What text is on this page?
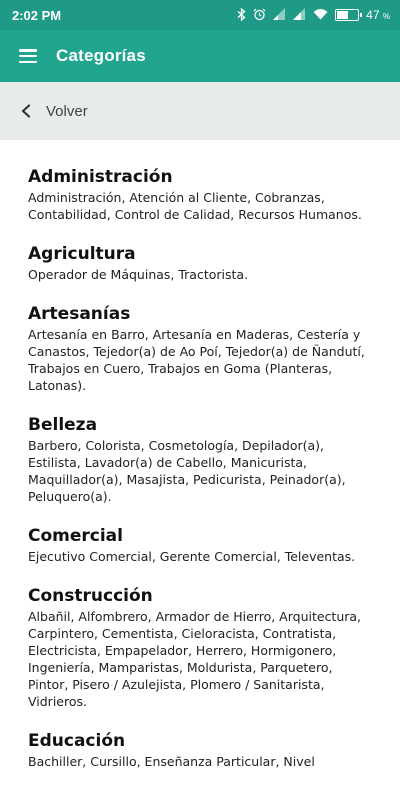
2:02 PM	47 %
Categorías
Volver
Administración

Administración, Atención al Cliente, Cobranzas, Contabilidad, Control de Calidad, Recursos Humanos.

Agricultura

Operador de Máquinas, Tractorista.

Artesanías

Artesanía en Barro, Artesanía en Maderas, Cestería y Canastos, Tejedor(a) de Ao Poí, Tejedor(a) de Ñandutí, Trabajos en Cuero, Trabajos en Goma (Planteras, Latonas).

Belleza

Barbero, Colorista, Cosmetología, Depilador(a), Estilista, Lavador(a) de Cabello, Manicurista, Maquillador(a), Masajista, Pedicurista, Peinador(a), Peluquero(a).

Comercial

Ejecutivo Comercial, Gerente Comercial, Televentas.

Construcción

Albañil, Alfombrero, Armador de Hierro, Arquitectura, Carpintero, Cementista, Cieloracista, Contratista, Electricista, Empapelador, Herrero, Hormigonero, Ingeniería, Mamparistas, Moldurista, Parquetero, Pintor, Pisero / Azulejista, Plomero / Sanitarista, Vidrieros.

Educación

Bachiller, Cursillo, Enseñanza Particular, Nivel
